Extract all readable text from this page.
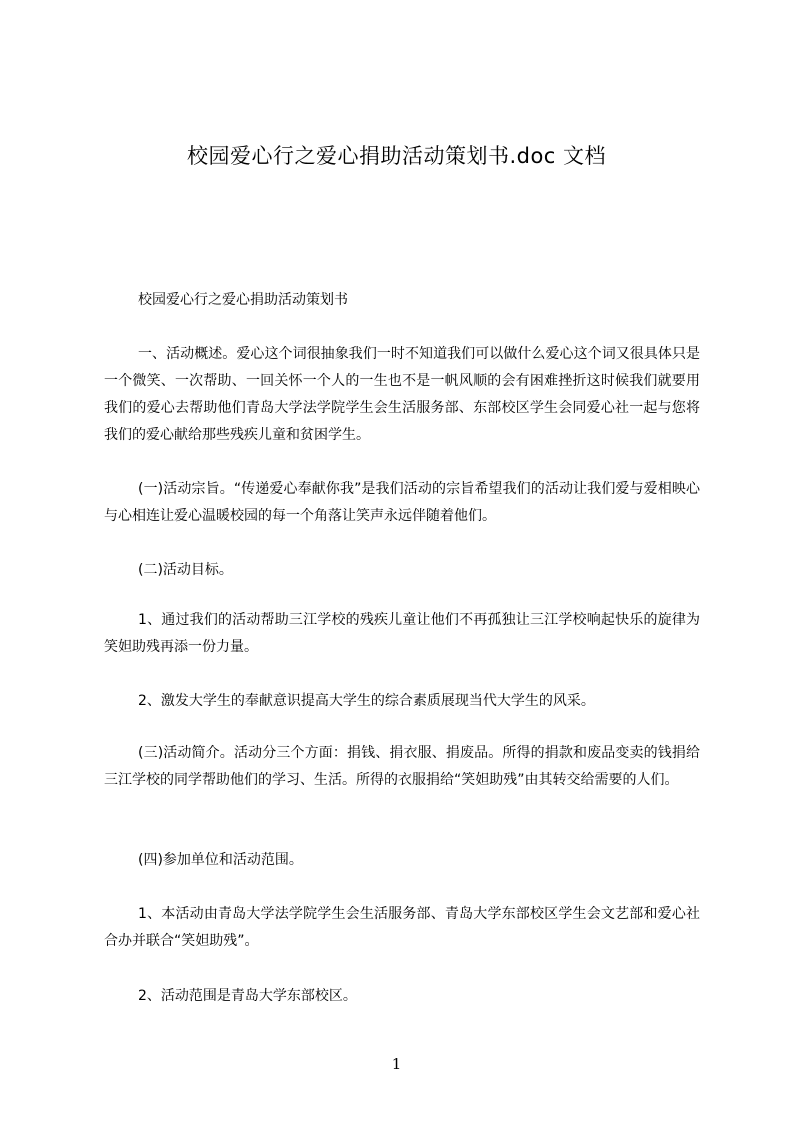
校园爱心行之爱心捐助活动策划书.doc 文档
校园爱心行之爱心捐助活动策划书
一、活动概述。爱心这个词很抽象我们一时不知道我们可以做什么爱心这个词又很具体只是一个微笑、一次帮助、一回关怀一个人的一生也不是一帆风顺的会有困难挫折这时候我们就要用我们的爱心去帮助他们青岛大学法学院学生会生活服务部、东部校区学生会同爱心社一起与您将我们的爱心献给那些残疾儿童和贫困学生。
(一)活动宗旨。“传递爱心奉献你我”是我们活动的宗旨希望我们的活动让我们爱与爱相映心与心相连让爱心温暖校园的每一个角落让笑声永远伴随着他们。
(二)活动目标。
1、通过我们的活动帮助三江学校的残疾儿童让他们不再孤独让三江学校响起快乐的旋律为笑妲助残再添一份力量。
2、激发大学生的奉献意识提高大学生的综合素质展现当代大学生的风采。
(三)活动简介。活动分三个方面：捐钱、捐衣服、捐废品。所得的捐款和废品变卖的钱捐给三江学校的同学帮助他们的学习、生活。所得的衣服捐给“笑妲助残”由其转交给需要的人们。
(四)参加单位和活动范围。
1、本活动由青岛大学法学院学生会生活服务部、青岛大学东部校区学生会文艺部和爱心社合办并联合“笑妲助残”。
2、活动范围是青岛大学东部校区。
1
